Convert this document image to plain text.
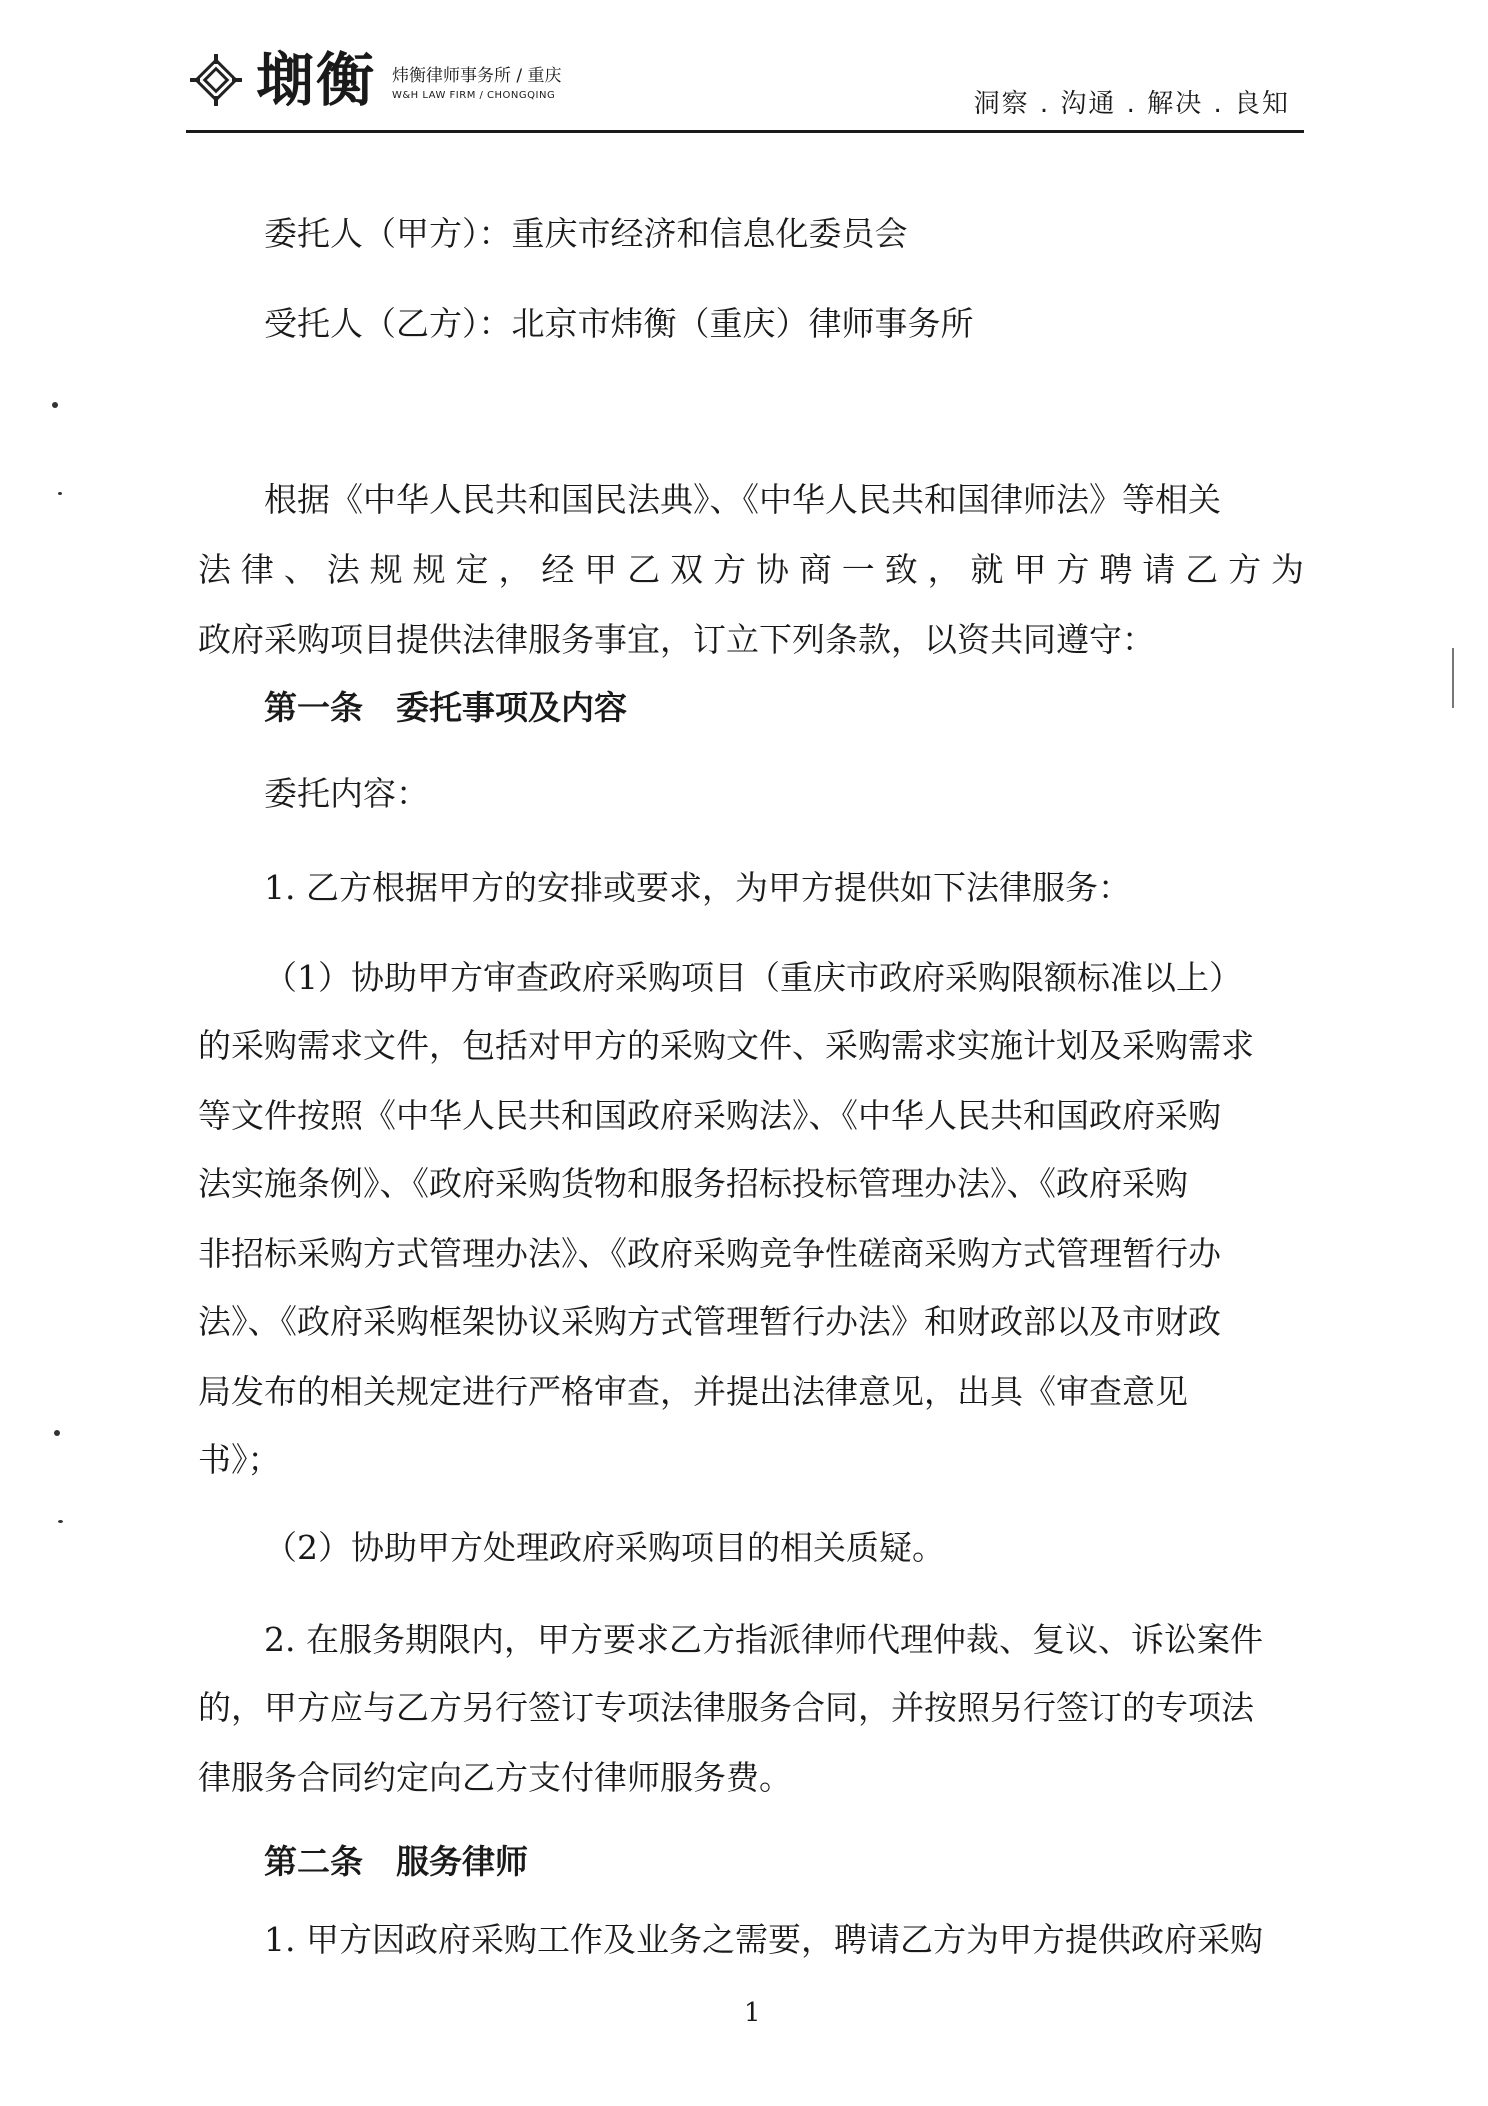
㙟衡 炜衡律师事务所 / 重庆
W&H LAW FIRM / CHONGQING	洞察 . 沟通 . 解决 . 良知
委托人（甲方）：重庆市经济和信息化委员会
受托人（乙方）：北京市炜衡（重庆）律师事务所
根据《中华人民共和国民法典》、《中华人民共和国律师法》等相关
法律、法规规定，经甲乙双方协商一致，就甲方聘请乙方为
政府采购项目提供法律服务事宜，订立下列条款，以资共同遵守：
第一条　委托事项及内容
委托内容：
1. 乙方根据甲方的安排或要求，为甲方提供如下法律服务：
（1）协助甲方审查政府采购项目（重庆市政府采购限额标准以上）
的采购需求文件，包括对甲方的采购文件、采购需求实施计划及采购需求
等文件按照《中华人民共和国政府采购法》、《中华人民共和国政府采购
法实施条例》、《政府采购货物和服务招标投标管理办法》、《政府采购
非招标采购方式管理办法》、《政府采购竞争性磋商采购方式管理暂行办
法》、《政府采购框架协议采购方式管理暂行办法》和财政部以及市财政
局发布的相关规定进行严格审查，并提出法律意见，出具《审查意见
书》；
（2）协助甲方处理政府采购项目的相关质疑。
2. 在服务期限内，甲方要求乙方指派律师代理仲裁、复议、诉讼案件
的，甲方应与乙方另行签订专项法律服务合同，并按照另行签订的专项法
律服务合同约定向乙方支付律师服务费。
第二条　服务律师
1. 甲方因政府采购工作及业务之需要，聘请乙方为甲方提供政府采购
1
